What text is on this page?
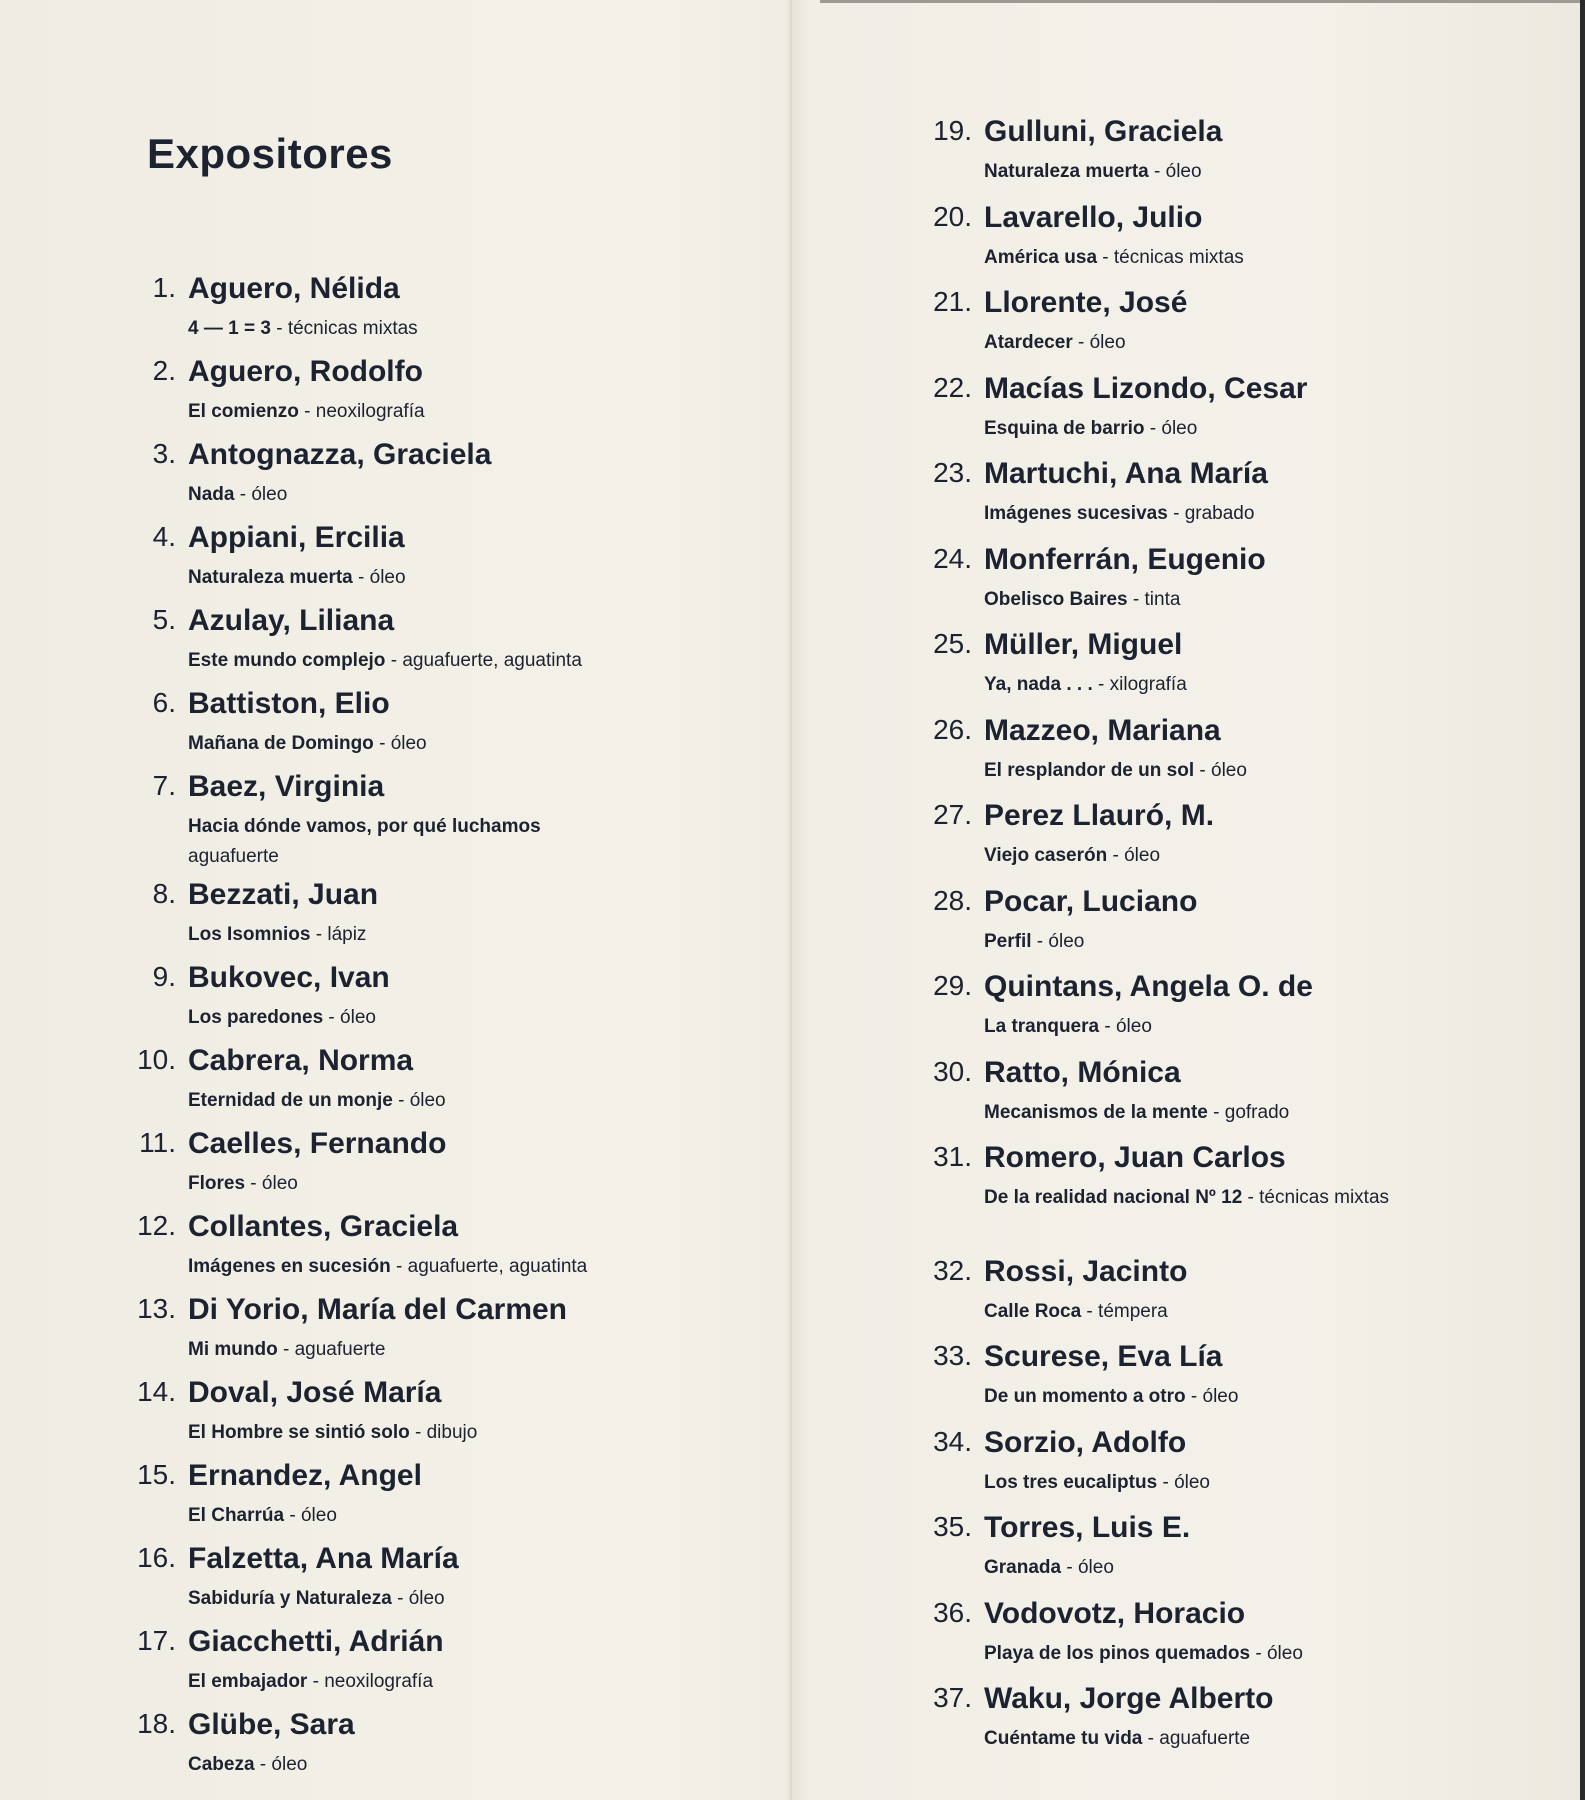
Expositores
1. Aguero, Nélida
4 — 1 = 3 - técnicas mixtas
2. Aguero, Rodolfo
El comienzo - neoxilografía
3. Antognazza, Graciela
Nada - óleo
4. Appiani, Ercilia
Naturaleza muerta - óleo
5. Azulay, Liliana
Este mundo complejo - aguafuerte, aguatinta
6. Battiston, Elio
Mañana de Domingo - óleo
7. Baez, Virginia
Hacia dónde vamos, por qué luchamos
aguafuerte
8. Bezzati, Juan
Los Isomnios - lápiz
9. Bukovec, Ivan
Los paredones - óleo
10. Cabrera, Norma
Eternidad de un monje - óleo
11. Caelles, Fernando
Flores - óleo
12. Collantes, Graciela
Imágenes en sucesión - aguafuerte, aguatinta
13. Di Yorio, María del Carmen
Mi mundo - aguafuerte
14. Doval, José María
El Hombre se sintió solo - dibujo
15. Ernandez, Angel
El Charrúa - óleo
16. Falzetta, Ana María
Sabiduría y Naturaleza - óleo
17. Giacchetti, Adrián
El embajador - neoxilografía
18. Glübe, Sara
Cabeza - óleo
19. Gulluni, Graciela
Naturaleza muerta - óleo
20. Lavarello, Julio
América usa - técnicas mixtas
21. Llorente, José
Atardecer - óleo
22. Macías Lizondo, Cesar
Esquina de barrio - óleo
23. Martuchi, Ana María
Imágenes sucesivas - grabado
24. Monferrán, Eugenio
Obelisco Baires - tinta
25. Müller, Miguel
Ya, nada . . . - xilografía
26. Mazzeo, Mariana
El resplandor de un sol - óleo
27. Perez Llauró, M.
Viejo caserón - óleo
28. Pocar, Luciano
Perfil - óleo
29. Quintans, Angela O. de
La tranquera - óleo
30. Ratto, Mónica
Mecanismos de la mente - gofrado
31. Romero, Juan Carlos
De la realidad nacional Nº 12 - técnicas mixtas
32. Rossi, Jacinto
Calle Roca - témpera
33. Scurese, Eva Lía
De un momento a otro - óleo
34. Sorzio, Adolfo
Los tres eucaliptus - óleo
35. Torres, Luis E.
Granada - óleo
36. Vodovotz, Horacio
Playa de los pinos quemados - óleo
37. Waku, Jorge Alberto
Cuéntame tu vida - aguafuerte
